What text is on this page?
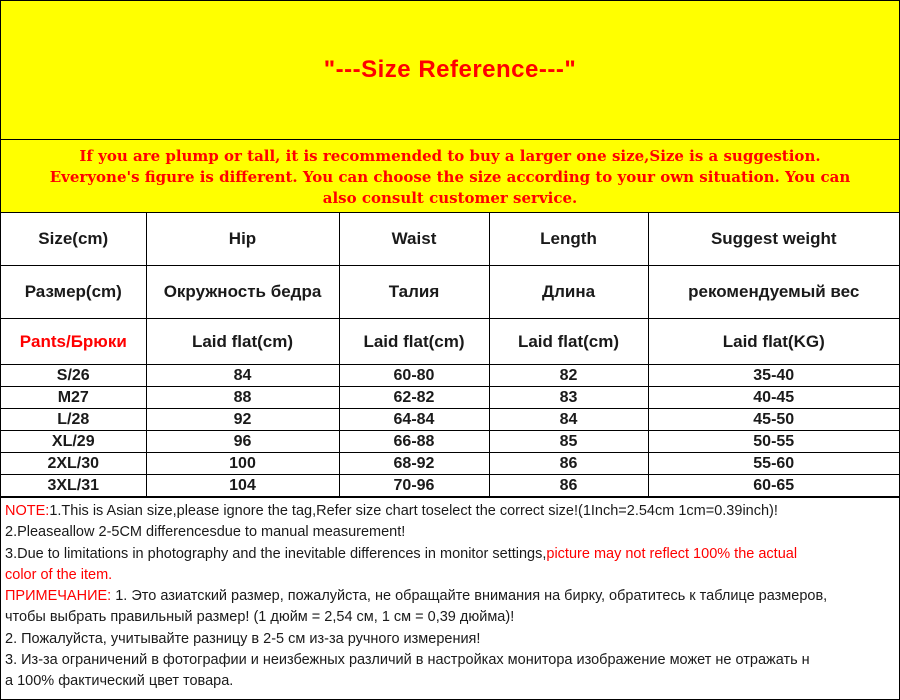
"---Size Reference---"

If you are plump or tall, it is recommended to buy a larger one size,Size is a suggestion.

Everyone's figure is different. You can choose the size according to your own situation. You can

also consult customer service.

Size(cm)	Hip	Waist	Length	Suggest weight
Размер(cm)	Окружность бедра	Талия	Длина	рекомендуемый вес
Pants/Брюки	Laid flat(cm)	Laid flat(cm)	Laid flat(cm)	Laid flat(KG)
S/26	84	60-80	82	35-40
M27	88	62-82	83	40-45
L/28	92	64-84	84	45-50
XL/29	96	66-88	85	50-55
2XL/30	100	68-92	86	55-60
3XL/31	104	70-96	86	60-65

NOTE:1.This is Asian size,please ignore the tag,Refer size chart toselect the correct size!(1Inch=2.54cm 1cm=0.39inch)!

2.Pleaseallow 2-5CM differencesdue to manual measurement!

3.Due to limitations in photography and the inevitable differences in monitor settings,picture may not reflect 100% the actual

color of the item.

ПРИМЕЧАНИЕ: 1. Это азиатский размер, пожалуйста, не обращайте внимания на бирку, обратитесь к таблице размеров,

чтобы выбрать правильный размер! (1 дюйм = 2,54 см, 1 см = 0,39 дюйма)!

2. Пожалуйста, учитывайте разницу в 2-5 см из-за ручного измерения!

3. Из-за ограничений в фотографии и неизбежных различий в настройках монитора изображение может не отражать н

а 100% фактический цвет товара.
